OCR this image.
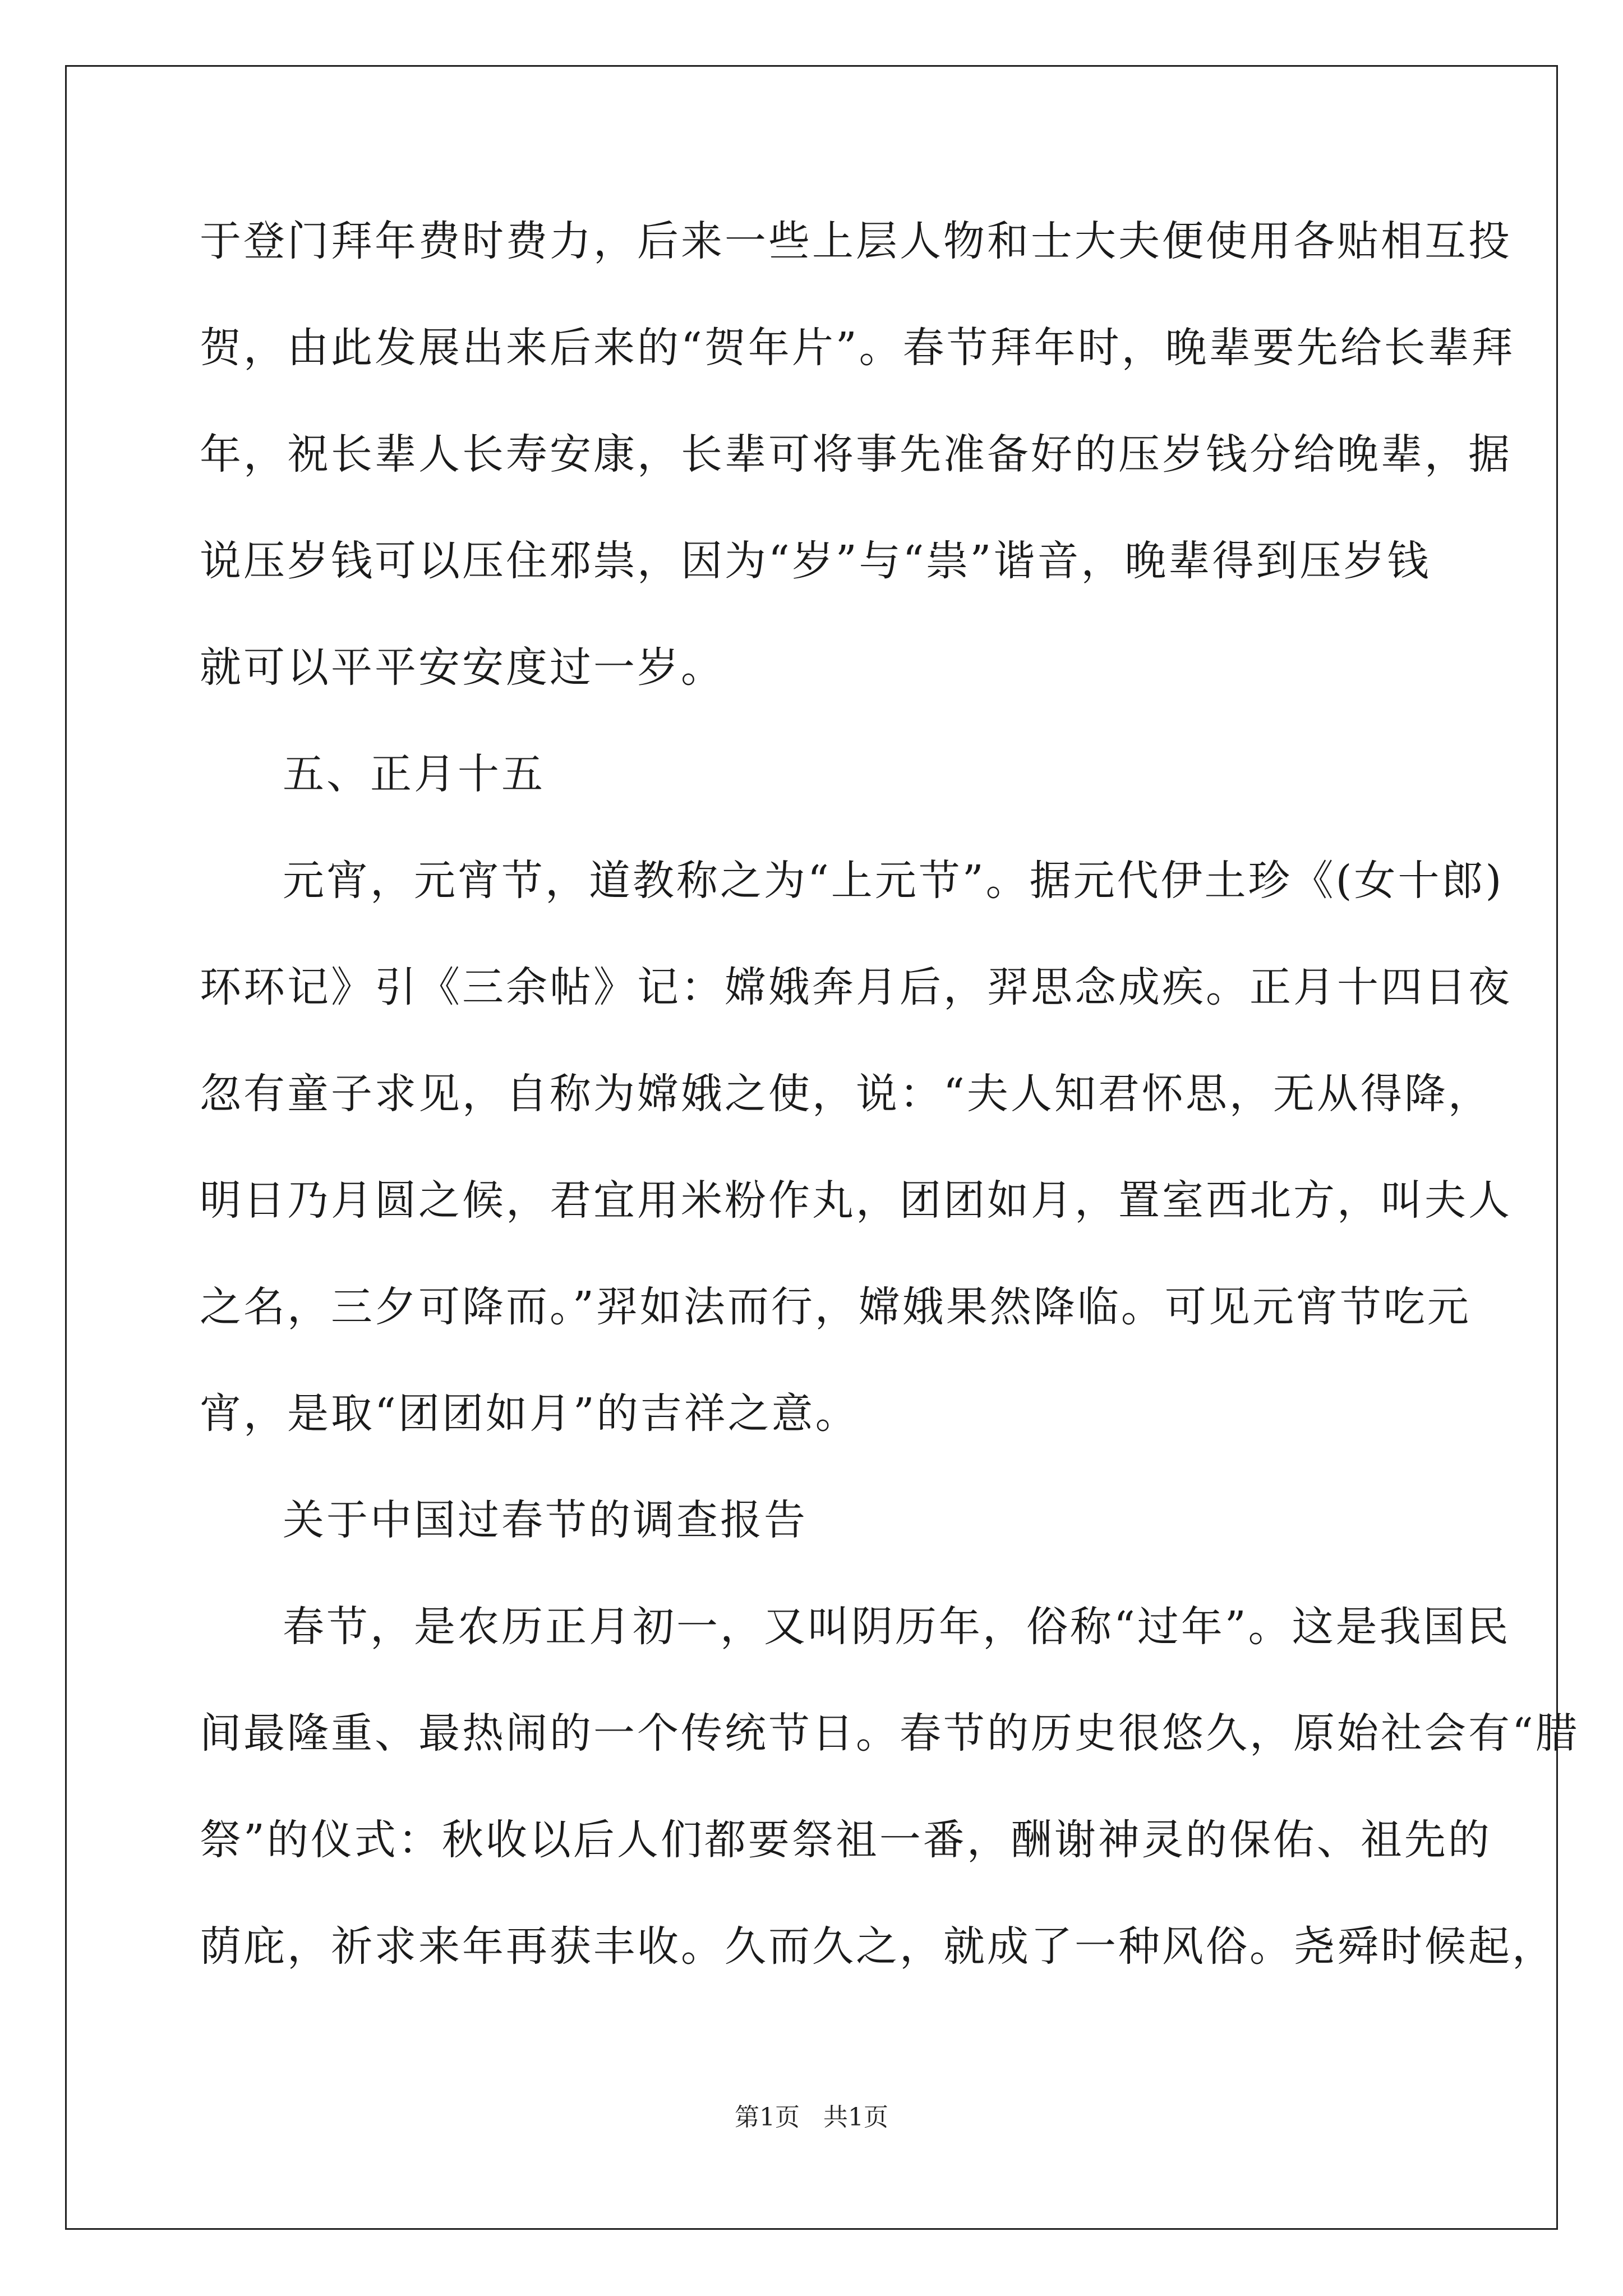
于登门拜年费时费力，后来一些上层人物和士大夫便使用各贴相互投
贺，由此发展出来后来的“贺年片”。春节拜年时，晚辈要先给长辈拜
年，祝长辈人长寿安康，长辈可将事先准备好的压岁钱分给晚辈，据
说压岁钱可以压住邪祟，因为“岁”与“祟”谐音，晚辈得到压岁钱
就可以平平安安度过一岁。
五、正月十五
元宵，元宵节，道教称之为“上元节”。据元代伊土珍《(女十郎)
环环记》引《三余帖》记：嫦娥奔月后，羿思念成疾。正月十四日夜
忽有童子求见，自称为嫦娥之使，说：“夫人知君怀思，无从得降，
明日乃月圆之候，君宜用米粉作丸，团团如月，置室西北方，叫夫人
之名，三夕可降而。”羿如法而行，嫦娥果然降临。可见元宵节吃元
宵，是取“团团如月”的吉祥之意。
关于中国过春节的调查报告
春节，是农历正月初一，又叫阴历年，俗称“过年”。这是我国民
间最隆重、最热闹的一个传统节日。春节的历史很悠久，原始社会有“腊
祭”的仪式：秋收以后人们都要祭祖一番，酬谢神灵的保佑、祖先的
荫庇，祈求来年再获丰收。久而久之，就成了一种风俗。尧舜时候起，
第1页   共1页
